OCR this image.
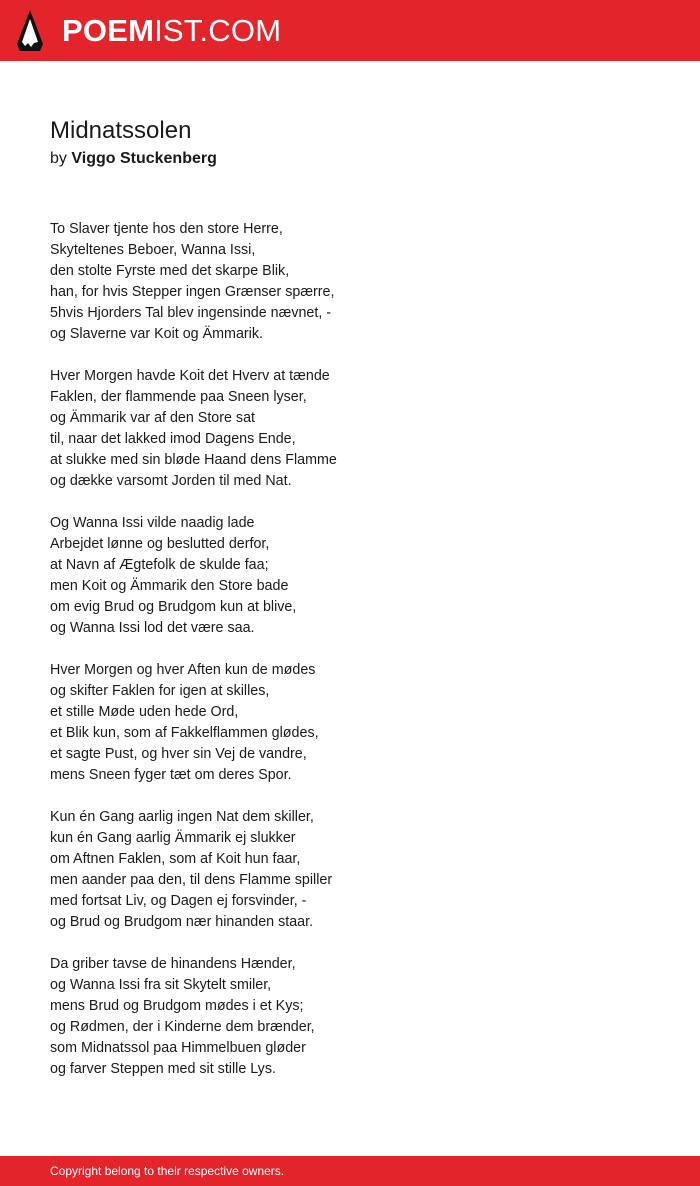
POEMIST.COM
Midnatssolen
by Viggo Stuckenberg
To Slaver tjente hos den store Herre,
Skyteltenes Beboer, Wanna Issi,
den stolte Fyrste med det skarpe Blik,
han, for hvis Stepper ingen Grænser spærre,
5hvis Hjorders Tal blev ingensinde nævnet, -
og Slaverne var Koit og Ämmarik.
Hver Morgen havde Koit det Hverv at tænde
Faklen, der flammende paa Sneen lyser,
og Ämmarik var af den Store sat
til, naar det lakked imod Dagens Ende,
at slukke med sin bløde Haand dens Flamme
og dække varsomt Jorden til med Nat.
Og Wanna Issi vilde naadig lade
Arbejdet lønne og beslutted derfor,
at Navn af Ægtefolk de skulde faa;
men Koit og Ämmarik den Store bade
om evig Brud og Brudgom kun at blive,
og Wanna Issi lod det være saa.
Hver Morgen og hver Aften kun de mødes
og skifter Faklen for igen at skilles,
et stille Møde uden hede Ord,
et Blik kun, som af Fakkelflammen glødes,
et sagte Pust, og hver sin Vej de vandre,
mens Sneen fyger tæt om deres Spor.
Kun én Gang aarlig ingen Nat dem skiller,
kun én Gang aarlig Ämmarik ej slukker
om Aftnen Faklen, som af Koit hun faar,
men aander paa den, til dens Flamme spiller
med fortsat Liv, og Dagen ej forsvinder, -
og Brud og Brudgom nær hinanden staar.
Da griber tavse de hinandens Hænder,
og Wanna Issi fra sit Skytelt smiler,
mens Brud og Brudgom mødes i et Kys;
og Rødmen, der i Kinderne dem brænder,
som Midnatssol paa Himmelbuen gløder
og farver Steppen med sit stille Lys.
Copyright belong to their respective owners.
